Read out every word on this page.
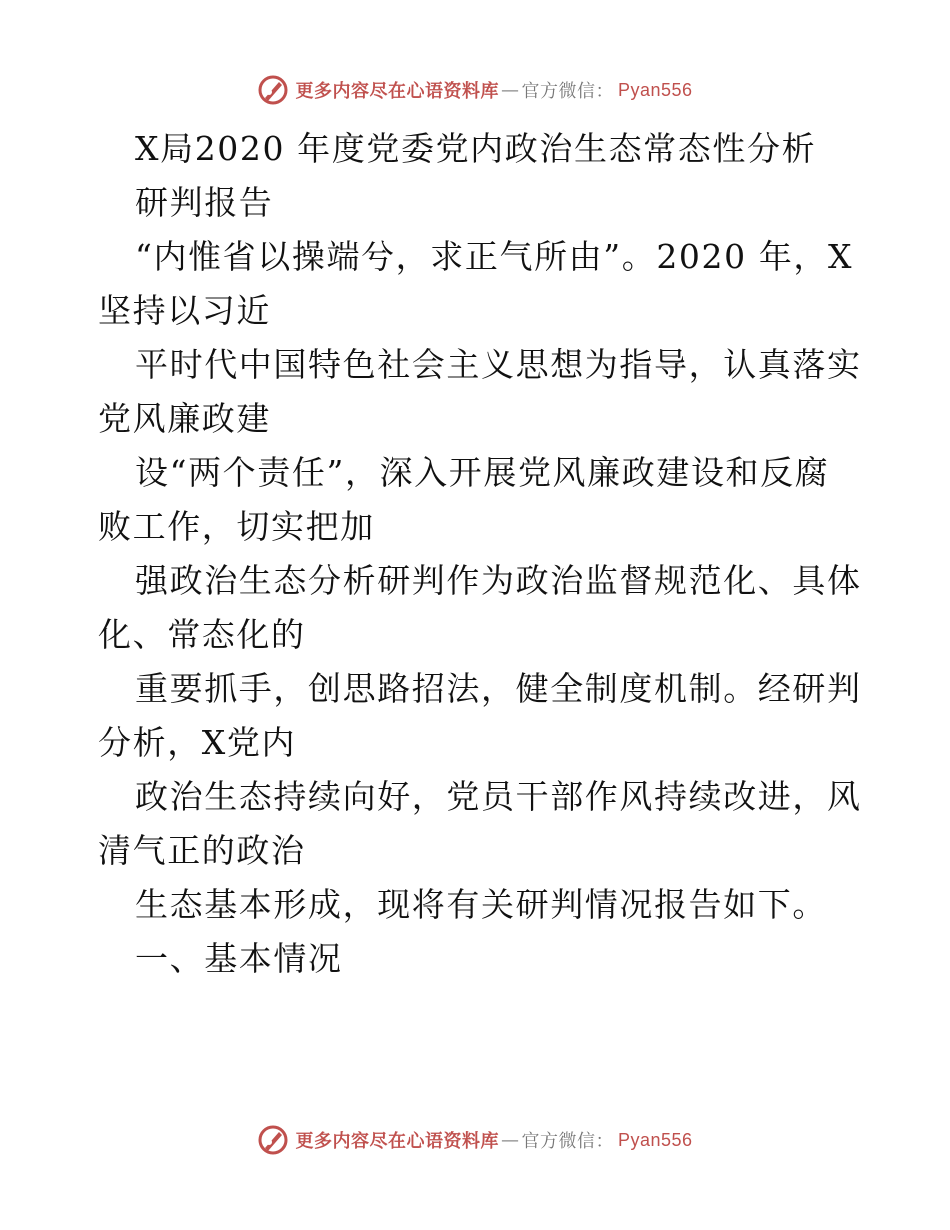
更多内容尽在心语资料库 — 官方微信： Pyan556
X局2020 年度党委党内政治生态常态性分析
研判报告
“内惟省以操端兮，求正气所由”。2020 年，X
坚持以习近
平时代中国特色社会主义思想为指导，认真落实
党风廉政建
设“两个责任”，深入开展党风廉政建设和反腐
败工作，切实把加
强政治生态分析研判作为政治监督规范化、具体
化、常态化的
重要抓手，创思路招法，健全制度机制。经研判
分析，X党内
政治生态持续向好，党员干部作风持续改进，风
清气正的政治
生态基本形成，现将有关研判情况报告如下。
一、基本情况
更多内容尽在心语资料库 — 官方微信： Pyan556
